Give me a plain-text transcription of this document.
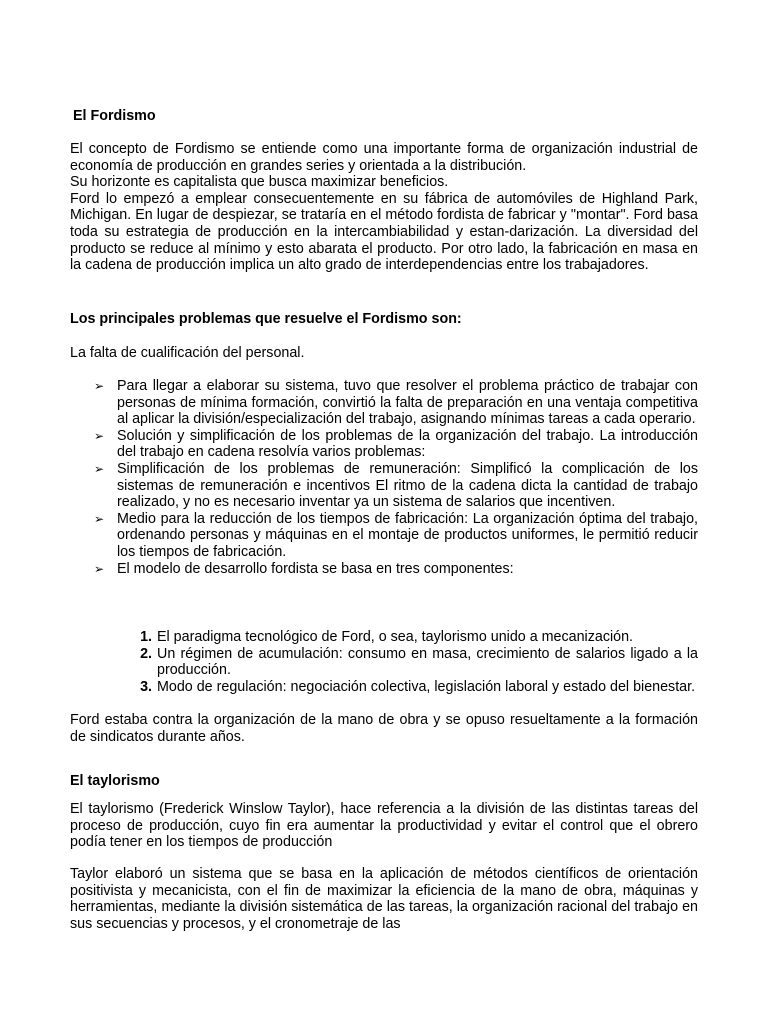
El Fordismo
El concepto de Fordismo se entiende como una importante forma de organización industrial de economía de producción en grandes series y orientada a la distribución.
Su horizonte es capitalista que busca maximizar beneficios.
Ford lo empezó a emplear consecuentemente en su fábrica de automóviles de Highland Park, Michigan. En lugar de despiezar, se trataría en el método fordista de fabricar y "montar". Ford basa toda su estrategia de producción en la intercambiabilidad y estan-darización. La diversidad del producto se reduce al mínimo y esto abarata el producto. Por otro lado, la fabricación en masa en la cadena de producción implica un alto grado de interdependencias entre los trabajadores.
Los principales problemas que resuelve el Fordismo son:
La falta de cualificación del personal.
➢ Para llegar a elaborar su sistema, tuvo que resolver el problema práctico de trabajar con personas de mínima formación, convirtió la falta de preparación en una ventaja competitiva al aplicar la división/especialización del trabajo, asignando mínimas tareas a cada operario.
➢ Solución y simplificación de los problemas de la organización del trabajo. La introducción del trabajo en cadena resolvía varios problemas:
➢ Simplificación de los problemas de remuneración: Simplificó la complicación de los sistemas de remuneración e incentivos El ritmo de la cadena dicta la cantidad de trabajo realizado, y no es necesario inventar ya un sistema de salarios que incentiven.
➢ Medio para la reducción de los tiempos de fabricación: La organización óptima del trabajo, ordenando personas y máquinas en el montaje de productos uniformes, le permitió reducir los tiempos de fabricación.
➢ El modelo de desarrollo fordista se basa en tres componentes:
1. El paradigma tecnológico de Ford, o sea, taylorismo unido a mecanización.
2. Un régimen de acumulación: consumo en masa, crecimiento de salarios ligado a la producción.
3. Modo de regulación: negociación colectiva, legislación laboral y estado del bienestar.
Ford estaba contra la organización de la mano de obra y se opuso resueltamente a la formación de sindicatos durante años.
El taylorismo
El taylorismo (Frederick Winslow Taylor), hace referencia a la división de las distintas tareas del proceso de producción, cuyo fin era aumentar la productividad y evitar el control que el obrero podía tener en los tiempos de producción
Taylor elaboró un sistema que se basa en la aplicación de métodos científicos de orientación positivista y mecanicista, con el fin de maximizar la eficiencia de la mano de obra, máquinas y herramientas, mediante la división sistemática de las tareas, la organización racional del trabajo en sus secuencias y procesos, y el cronometraje de las
